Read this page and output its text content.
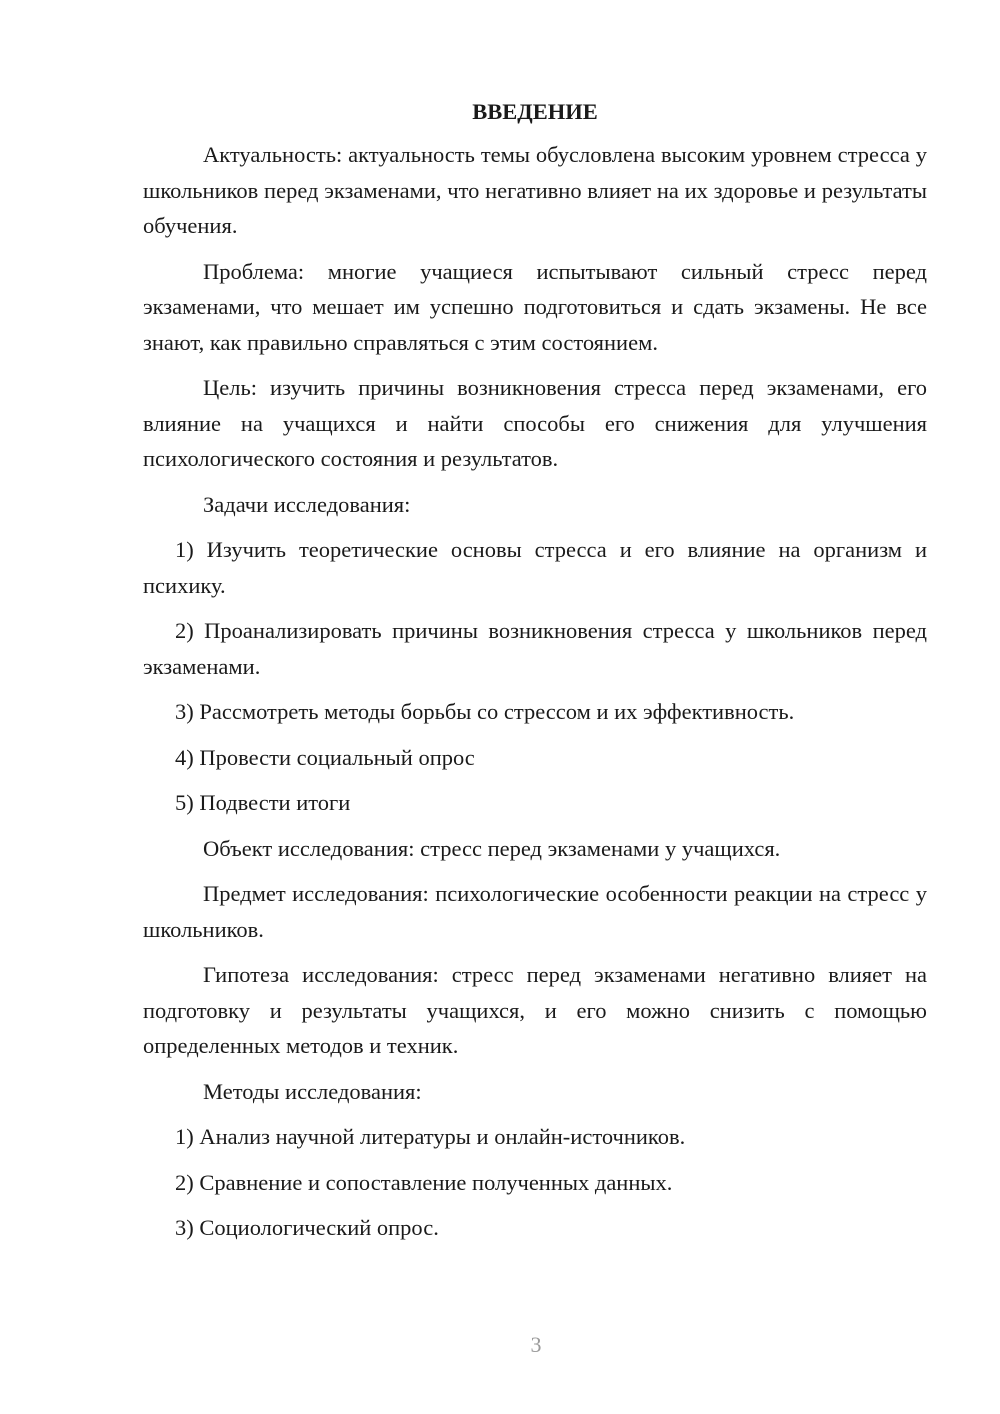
ВВЕДЕНИЕ

Актуальность: актуальность темы обусловлена высоким уровнем стресса у школьников перед экзаменами, что негативно влияет на их здоровье и результаты обучения.

Проблема: многие учащиеся испытывают сильный стресс перед экзаменами, что мешает им успешно подготовиться и сдать экзамены. Не все знают, как правильно справляться с этим состоянием.

Цель: изучить причины возникновения стресса перед экзаменами, его влияние на учащихся и найти способы его снижения для улучшения психологического состояния и результатов.

Задачи исследования:

1) Изучить теоретические основы стресса и его влияние на организм и психику.

2) Проанализировать причины возникновения стресса у школьников перед экзаменами.

3) Рассмотреть методы борьбы со стрессом и их эффективность.

4) Провести социальный опрос

5) Подвести итоги

Объект исследования: стресс перед экзаменами у учащихся.

Предмет исследования: психологические особенности реакции на стресс у школьников.

Гипотеза исследования: стресс перед экзаменами негативно влияет на подготовку и результаты учащихся, и его можно снизить с помощью определенных методов и техник.

Методы исследования:

1) Анализ научной литературы и онлайн-источников.

2) Сравнение и сопоставление полученных данных.

3) Социологический опрос.

3
